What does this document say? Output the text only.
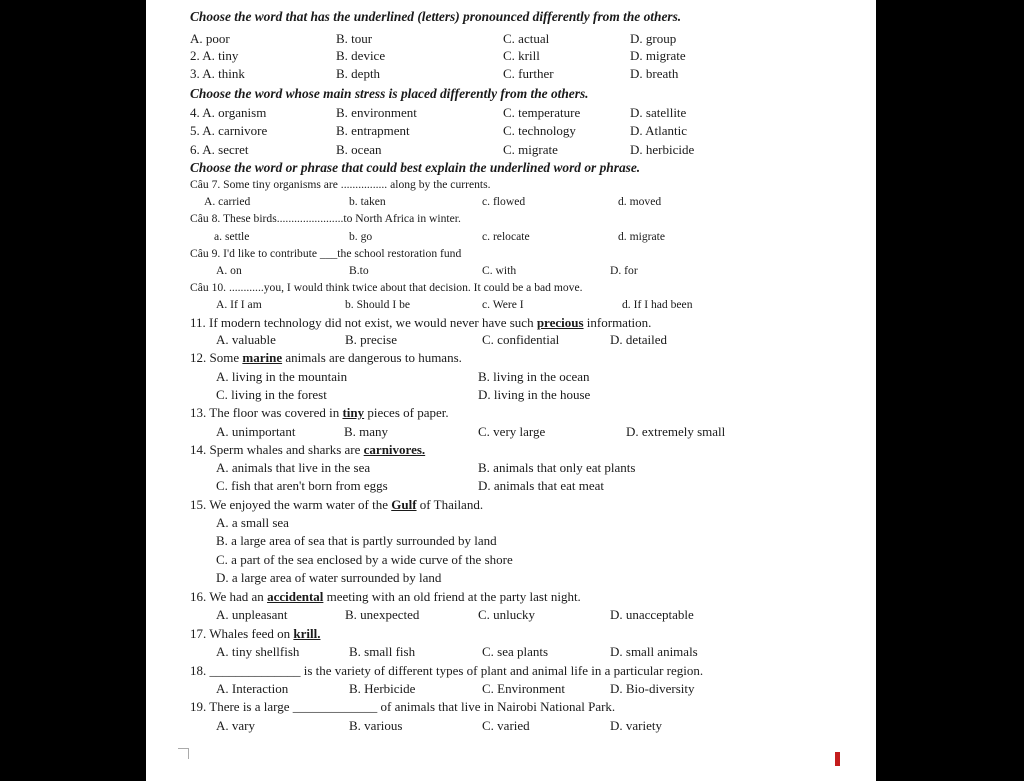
Choose the word that has the underlined (letters) pronounced differently from the others.
A. poor	B. tour	C. actual	D. group
2. A. tiny	B. device	C. krill	D. migrate
3. A. think	B. depth	C. further	D. breath
Choose the word whose main stress is placed differently from the others.
4. A. organism	B. environment	C. temperature	D. satellite
5. A. carnivore	B. entrapment	C. technology	D. Atlantic
6. A. secret	B. ocean	C. migrate	D. herbicide
Choose the word or phrase that could best explain the underlined word or phrase.
Câu 7. Some tiny organisms are ................ along by the currents.
A. carried	b. taken	c. flowed	d. moved
Câu 8. These birds.......................to North Africa in winter.
a. settle	b. go	c. relocate	d. migrate
Câu 9. I'd like to contribute ___the school restoration fund
A. on	B.to	C. with	D. for
Câu 10. ............you, I would think twice about that decision. It could be a bad move.
A. If I am	b. Should I be	c. Were I	d. If I had been
11. If modern technology did not exist, we would never have such precious information.
A. valuable	B. precise	C. confidential	D. detailed
12. Some marine animals are dangerous to humans.
A. living in the mountain	B. living in the ocean
C. living in the forest	D. living in the house
13. The floor was covered in tiny pieces of paper.
A. unimportant	B. many	C. very large	D. extremely small
14. Sperm whales and sharks are carnivores.
A. animals that live in the sea	B. animals that only eat plants
C. fish that aren't born from eggs	D. animals that eat meat
15. We enjoyed the warm water of the Gulf of Thailand.
A. a small sea
B. a large area of sea that is partly surrounded by land
C. a part of the sea enclosed by a wide curve of the shore
D. a large area of water surrounded by land
16. We had an accidental meeting with an old friend at the party last night.
A. unpleasant	B. unexpected	C. unlucky	D. unacceptable
17. Whales feed on krill.
A. tiny shellfish	B. small fish	C. sea plants	D. small animals
18. ______________ is the variety of different types of plant and animal life in a particular region.
A. Interaction	B. Herbicide	C. Environment	D. Bio-diversity
19. There is a large _____________ of animals that live in Nairobi National Park.
A. vary	B. various	C. varied	D. variety
